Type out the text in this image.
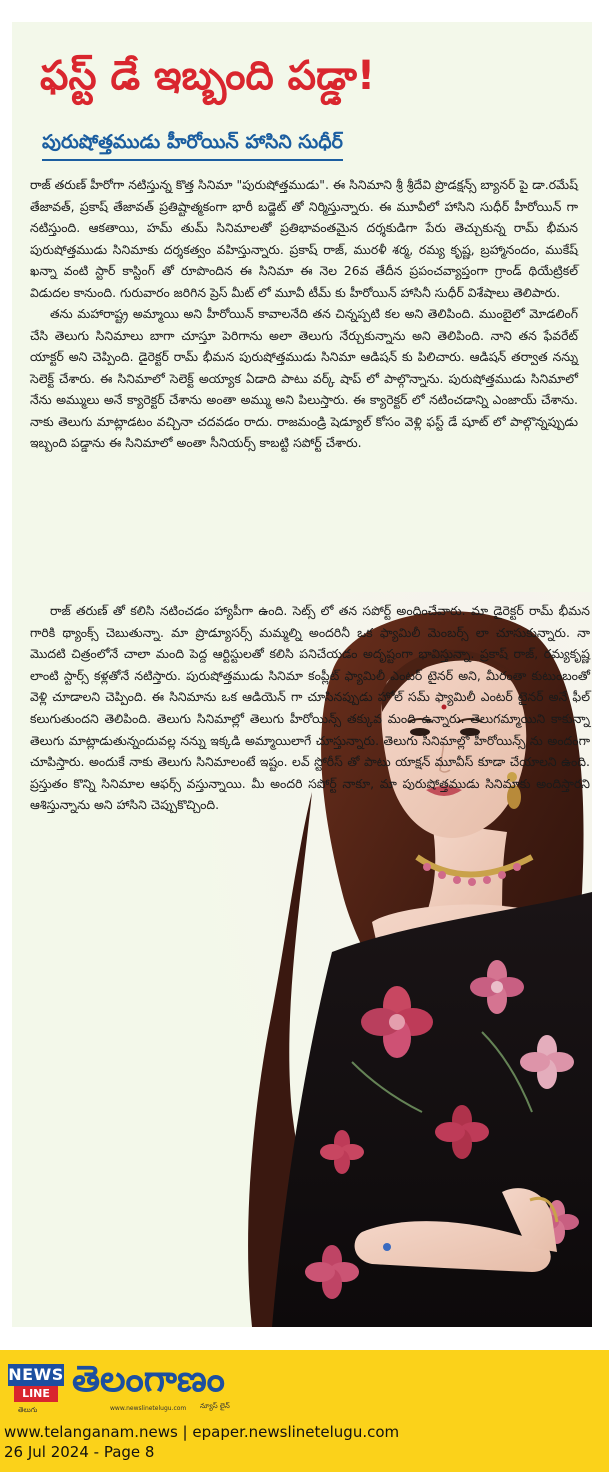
ఫస్ట్ డే ఇబ్బంది పడ్డా!
పురుషోత్తముడు హీరోయిన్ హాసిని సుధీర్

రాజ్ తరుణ్ హీరోగా నటిస్తున్న కొత్త సినిమా "పురుషోత్తముడు". ఈ సినిమాని శ్రీ శ్రీదేవి ప్రొడక్షన్స్ బ్యానర్ పై డా.రమేష్ తేజావత్, ప్రకాష్ తేజావత్ ప్రతిష్టాత్మకంగా భారీ బడ్జెట్ తో నిర్మిస్తున్నారు. ఈ మూవీలో హాసిని సుధీర్ హీరోయిన్ గా నటిస్తుంది. ఆకతాయి, హమ్ తుమ్ సినిమాలతో ప్రతిభావంతమైన దర్శకుడిగా పేరు తెచ్చుకున్న రామ్ భీమన పురుషోత్తముడు సినిమాకు దర్శకత్వం వహిస్తున్నారు. ప్రకాష్ రాజ్, మురళీ శర్మ, రమ్య కృష్ణ, బ్రహ్మానందం, ముకేష్ ఖన్నా వంటి స్టార్ కాస్టింగ్ తో రూపొందిన ఈ సినిమా ఈ నెల 26వ తేదీన ప్రపంచవ్యాప్తంగా గ్రాండ్ థియేట్రికల్ విడుదల కానుంది. గురువారం జరిగిన ప్రెస్ మీట్ లో మూవీ టీమ్ కు హీరోయిన్ హాసినీ సుధీర్ విశేషాలు తెలిపారు.

తను మహారాష్ట్ర అమ్మాయి అని హీరోయిన్ కావాలనేది తన చిన్నప్పటి కల అని తెలిపింది. ముంబైలో మోడలింగ్ చేసి తెలుగు సినిమాలు బాగా చూస్తూ పెరిగాను అలా తెలుగు నేర్చుకున్నాను అని తెలిపింది. నాని తన ఫేవరేట్ యాక్టర్ అని చెప్పింది. డైరెక్టర్ రామ్ భీమన పురుషోత్తముడు సినిమా ఆడిషన్ కు పిలిచారు. ఆడిషన్ తర్వాత నన్ను సెలెక్ట్ చేశారు. ఈ సినిమాలో సెలెక్ట్ అయ్యాక ఏడాది పాటు వర్క్ షాప్ లో పాల్గొన్నాను. పురుషోత్తముడు సినిమాలో నేను అమ్ములు అనే క్యారెక్టర్ చేశాను అంతా అమ్ము అని పిలుస్తారు. ఈ క్యారెక్టర్ లో నటించడాన్ని ఎంజాయ్ చేశాను. నాకు తెలుగు మాట్లాడటం వచ్చినా చదవడం రాదు. రాజమండ్రి షెడ్యూల్ కోసం వెళ్లి ఫస్ట్ డే షూట్ లో పాల్గొన్నప్పుడు ఇబ్బంది పడ్డాను ఈ సినిమాలో అంతా సీనియర్స్ కాబట్టి సపోర్ట్ చేశారు.

రాజ్ తరుణ్ తో కలిసి నటించడం హ్యాపీగా ఉంది. సెట్స్ లో తన సపోర్ట్ అందించేవారు. మా డైరెక్టర్ రామ్ భీమన గారికి థ్యాంక్స్ చెబుతున్నా. మా ప్రొడ్యూసర్స్ మమ్మల్ని అందరినీ ఒక ఫ్యామిలీ మెంబర్స్ లా చూసుకున్నారు. నా మొదటి చిత్రంలోనే చాలా మంది పెద్ద ఆర్టిస్టులతో కలిసి పనిచేయడం అదృష్టంగా భావిస్తున్నా. ప్రకాష్ రాజ్, రమ్యకృష్ణ లాంటి స్టార్స్ కళ్లతోనే నటిస్తారు. పురుషోత్తముడు సినిమా కంప్లీట్ ఫ్యామిలీ ఎంటర్ టైనర్ అని, మీరంతా కుటుంబంతో వెళ్లి చూడాలని చెప్పింది. ఈ సినిమాను ఒక ఆడియెన్ గా చూసినప్పుడు హోల్ సమ్ ఫ్యామిలీ ఎంటర్ టైనర్ అనే ఫీల్ కలుగుతుందని తెలిపింది. తెలుగు సినిమాల్లో తెలుగు హీరోయిన్స్ తక్కువ మంది ఉన్నారు. తెలుగమ్మాయిని కాకున్నా తెలుగు మాట్లాడుతున్నందువల్ల నన్ను ఇక్కడి అమ్మాయిలాగే చూస్తున్నారు. తెలుగు సినిమాల్లో హీరోయిన్స్ ను అందంగా చూపిస్తారు. అందుకే నాకు తెలుగు సినిమాలంటే ఇష్టం. లవ్ స్టోరీస్ తో పాటు యాక్షన్ మూవీస్ కూడా చేయాలని ఉంది. ప్రస్తుతం కొన్ని సినిమాల ఆఫర్స్ వస్తున్నాయి. మీ అందరి సపోర్ట్ నాకూ, మా పురుషోత్తముడు సినిమాకు అందిస్తారని ఆశిస్తున్నాను అని హాసిని చెప్పుకొచ్చింది.

NEWS
LINE
తెలుగు
తెలంగాణం
www.newslinetelugu.com న్యూస్ లైన్
www.telanganam.news | epaper.newslinetelugu.com
26 Jul 2024 - Page 8
